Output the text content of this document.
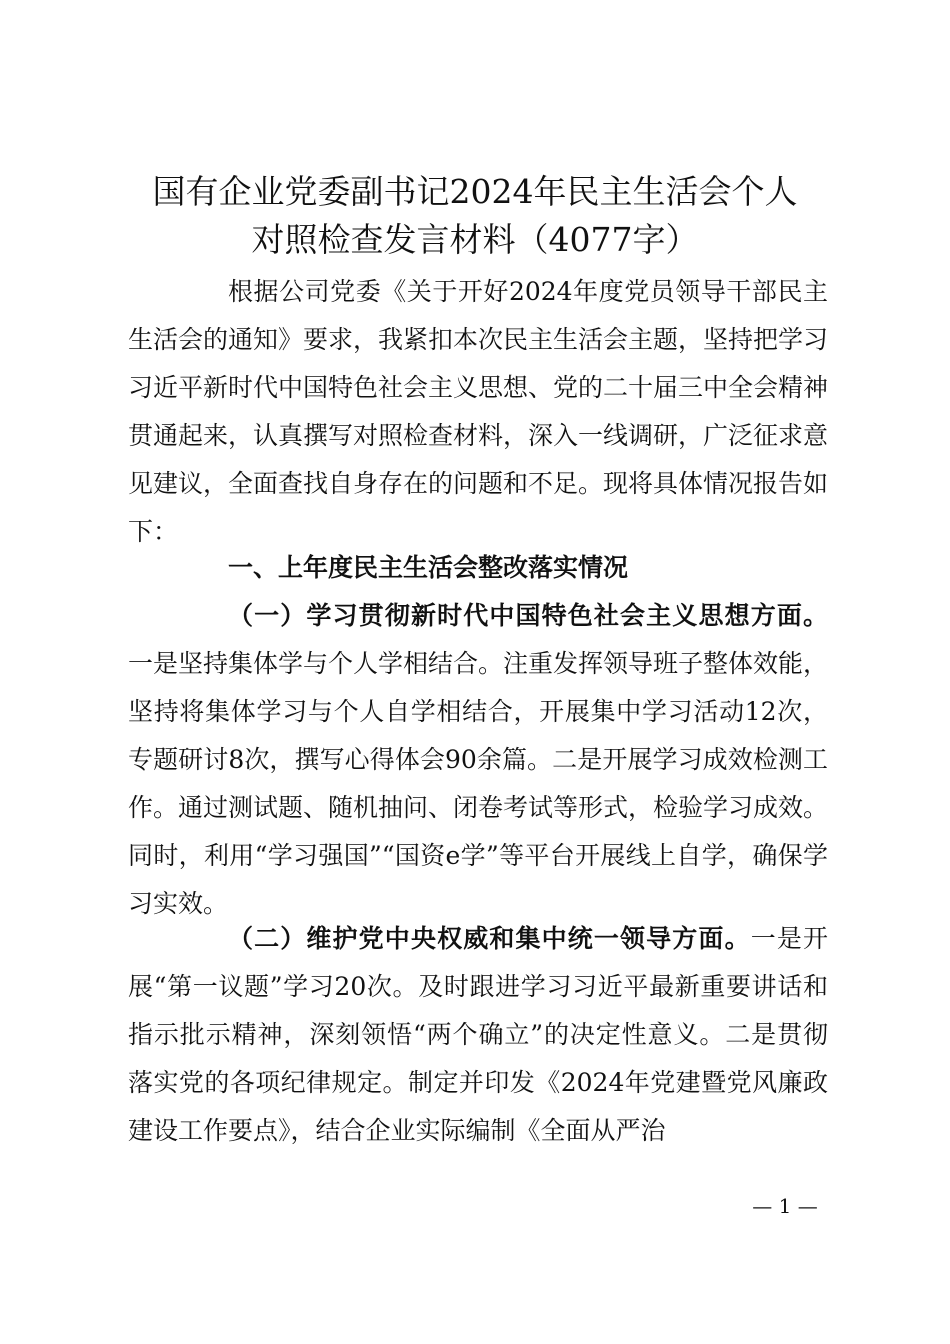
国有企业党委副书记2024年民主生活会个人
对照检查发言材料（4077字）

根据公司党委《关于开好2024年度党员领导干部民主生活会的通知》要求，我紧扣本次民主生活会主题，坚持把学习习近平新时代中国特色社会主义思想、党的二十届三中全会精神贯通起来，认真撰写对照检查材料，深入一线调研，广泛征求意见建议，全面查找自身存在的问题和不足。现将具体情况报告如下：

一、上年度民主生活会整改落实情况

（一）学习贯彻新时代中国特色社会主义思想方面。一是坚持集体学与个人学相结合。注重发挥领导班子整体效能，坚持将集体学习与个人自学相结合，开展集中学习活动12次，专题研讨8次，撰写心得体会90余篇。二是开展学习成效检测工作。通过测试题、随机抽问、闭卷考试等形式，检验学习成效。同时，利用“学习强国”“国资e学”等平台开展线上自学，确保学习实效。

（二）维护党中央权威和集中统一领导方面。一是开展“第一议题”学习20次。及时跟进学习习近平最新重要讲话和指示批示精神，深刻领悟“两个确立”的决定性意义。二是贯彻落实党的各项纪律规定。制定并印发《2024年党建暨党风廉政建设工作要点》，结合企业实际编制《全面从严治

— 1 —
